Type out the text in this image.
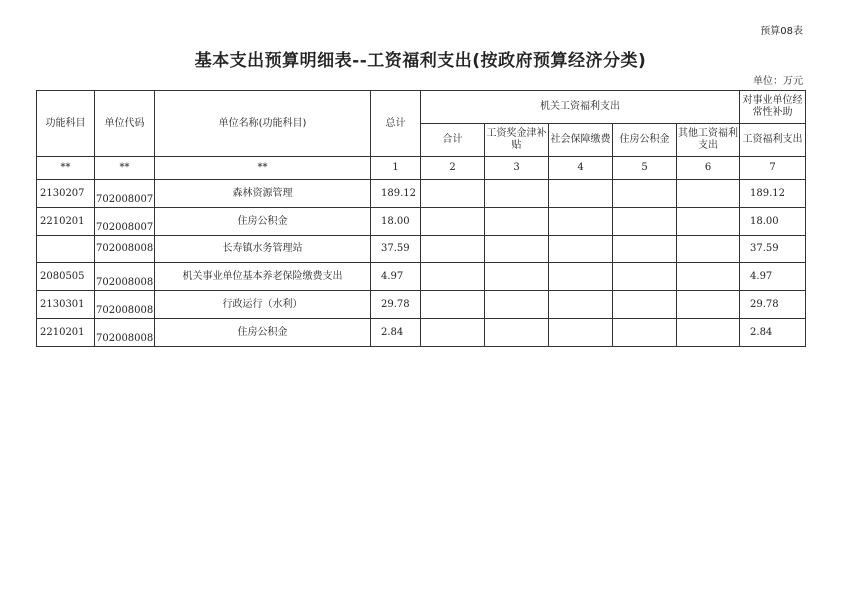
预算08表
基本支出预算明细表--工资福利支出(按政府预算经济分类)
单位：万元
功能科目	单位代码	单位名称(功能科目)	总计	机关工资福利支出					对事业单位经常性补助
				合计	工资奖金津补贴	社会保障缴费	住房公积金	其他工资福利支出	工资福利支出
**	**	**	1	2	3	4	5	6	7
2130207	702008007	森林资源管理	189.12						189.12
2210201	702008007	住房公积金	18.00						18.00
	702008008	长寿镇水务管理站	37.59						37.59
2080505	702008008	机关事业单位基本养老保险缴费支出	4.97						4.97
2130301	702008008	行政运行（水利）	29.78						29.78
2210201	702008008	住房公积金	2.84						2.84
